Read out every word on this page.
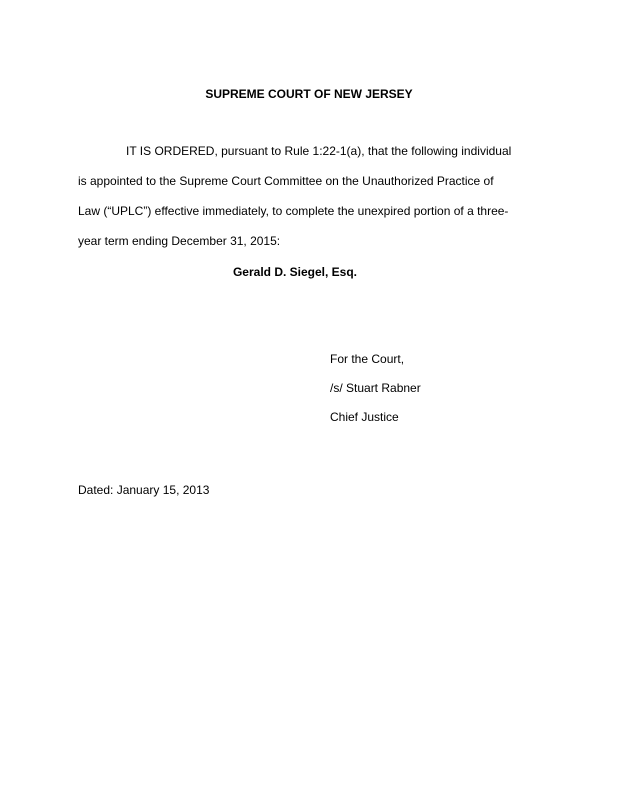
SUPREME COURT OF NEW JERSEY
IT IS ORDERED, pursuant to Rule 1:22-1(a), that the following individual
is appointed to the Supreme Court Committee on the Unauthorized Practice of
Law (“UPLC”) effective immediately, to complete the unexpired portion of a three-
year term ending December 31, 2015:
Gerald D. Siegel, Esq.
For the Court,
/s/ Stuart Rabner
Chief Justice
Dated: January 15, 2013
